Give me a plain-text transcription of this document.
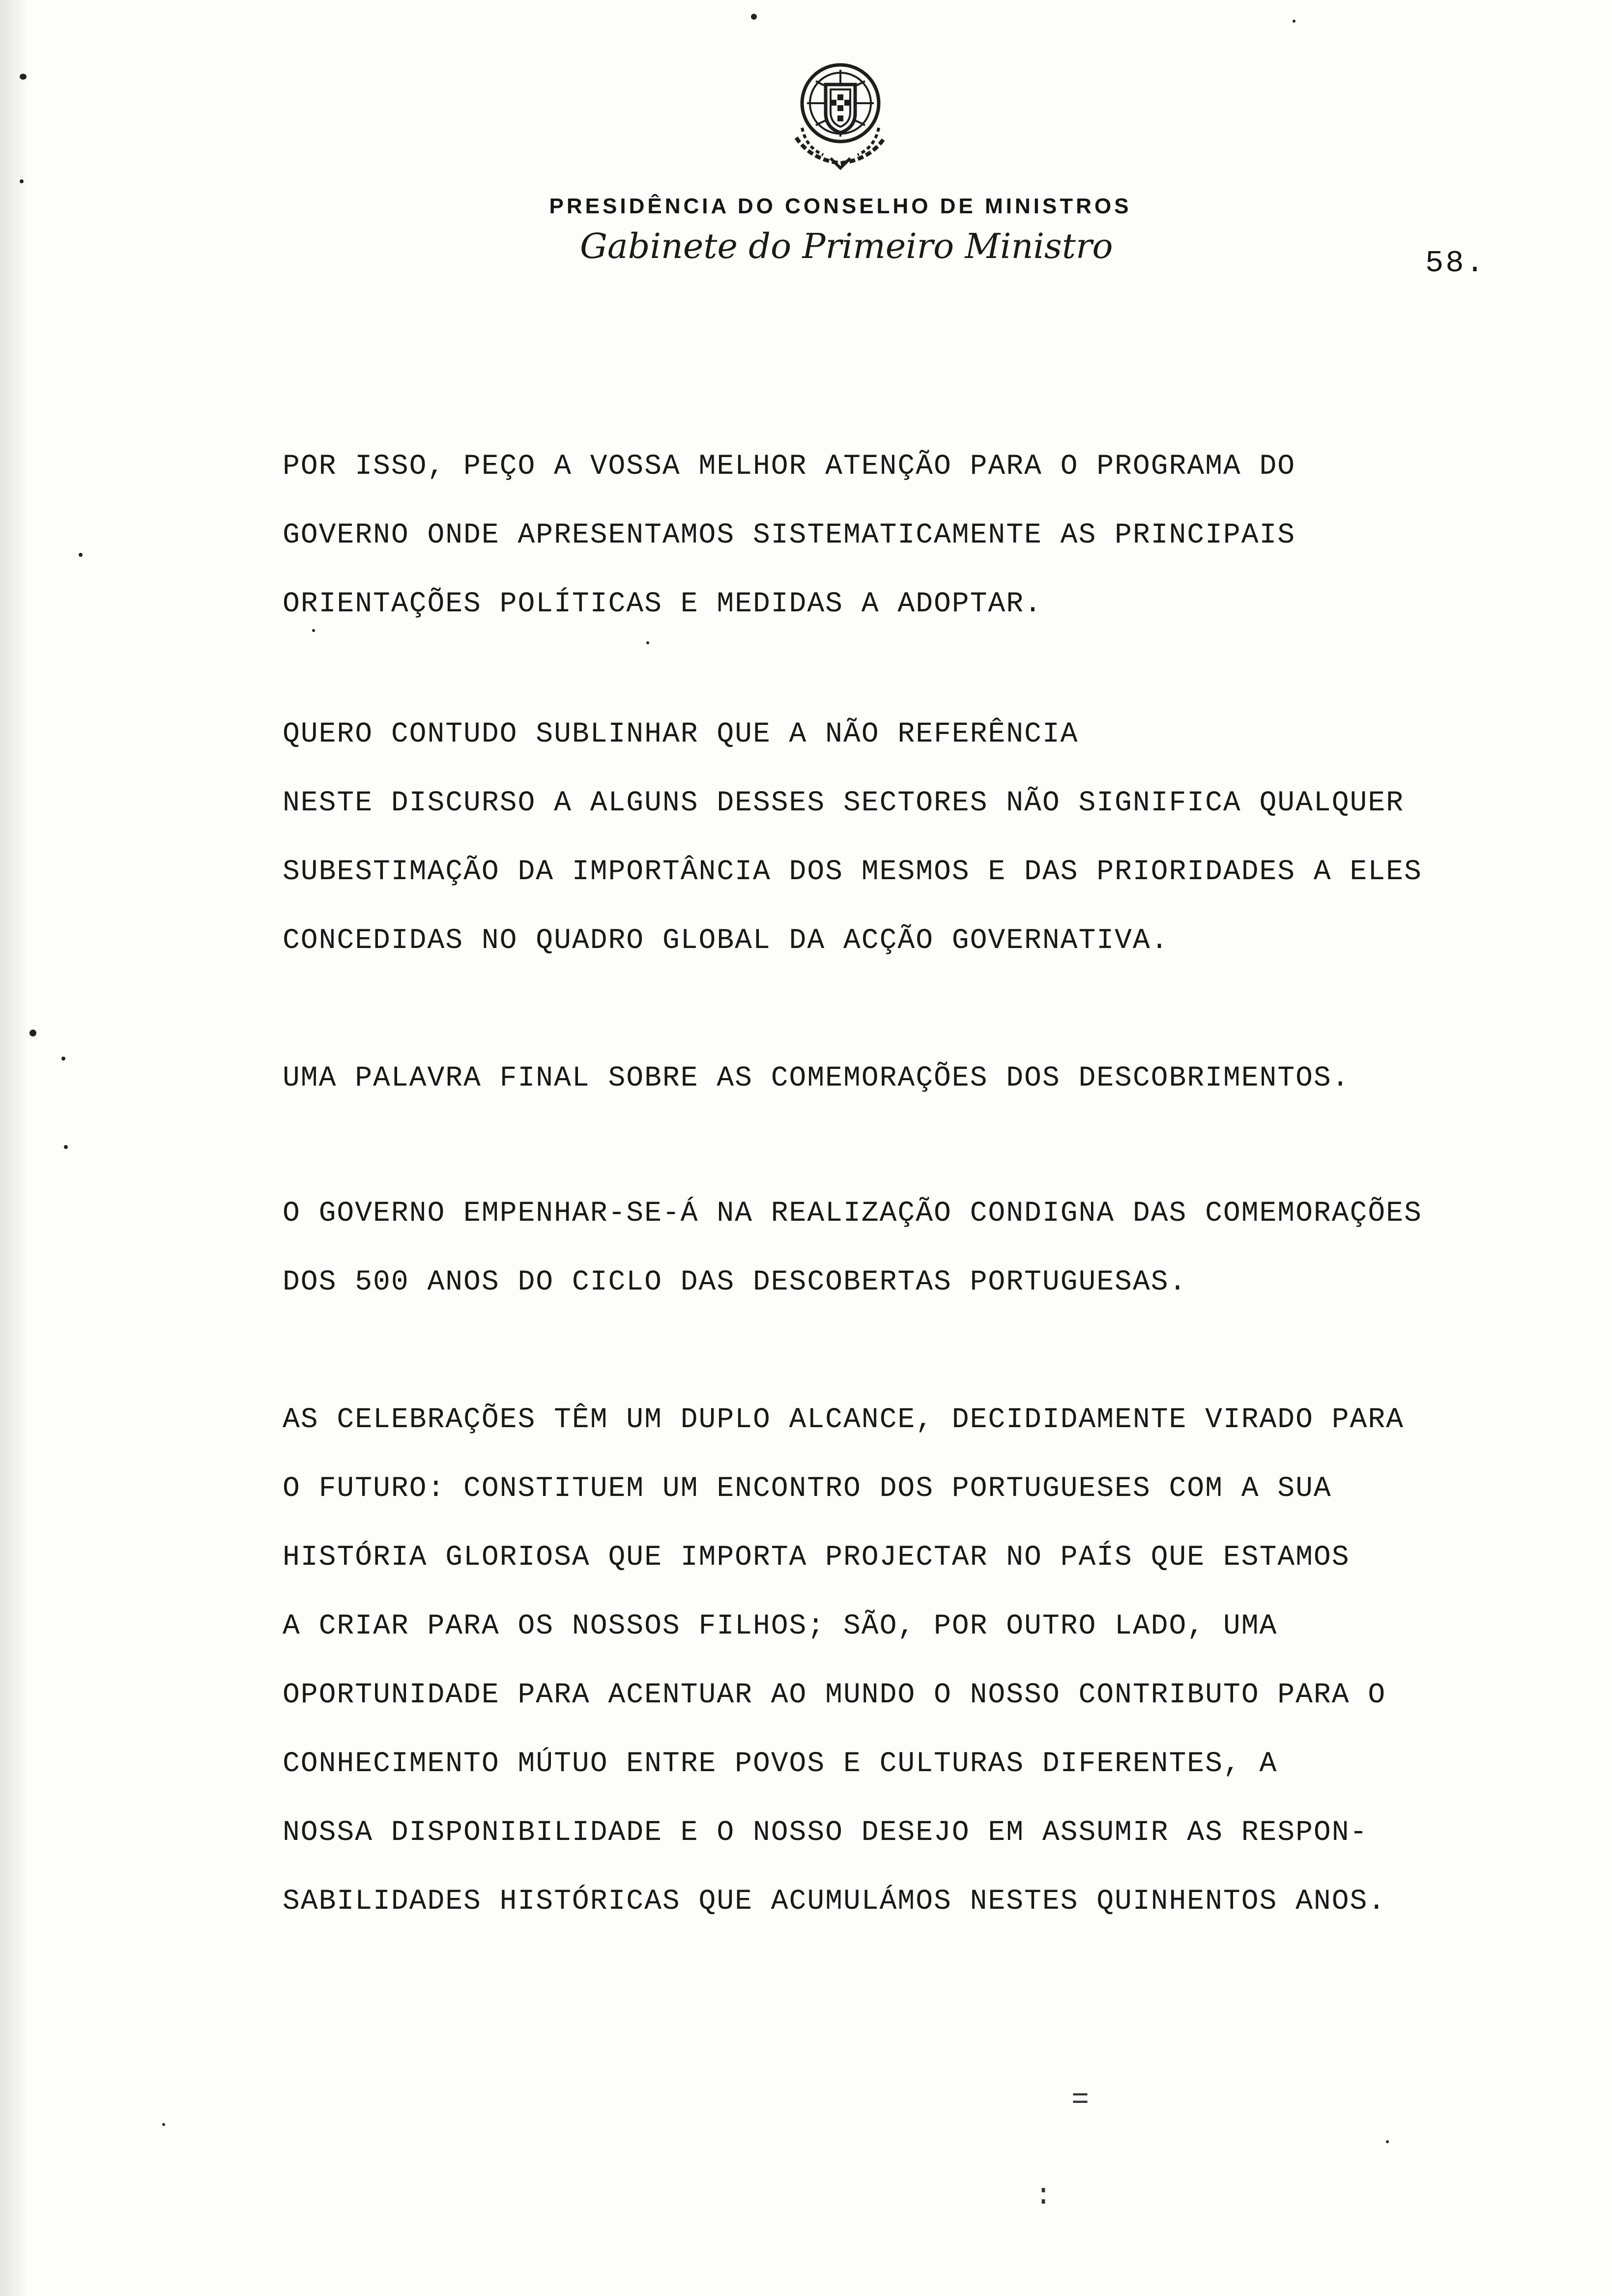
PRESIDÊNCIA DO CONSELHO DE MINISTROS
Gabinete do Primeiro Ministro	58.
POR ISSO, PEÇO A VOSSA MELHOR ATENÇÃO PARA O PROGRAMA DO
GOVERNO ONDE APRESENTAMOS SISTEMATICAMENTE AS PRINCIPAIS
ORIENTAÇÕES POLÍTICAS E MEDIDAS A ADOPTAR.
QUERO CONTUDO SUBLINHAR QUE A NÃO REFERÊNCIA
NESTE DISCURSO A ALGUNS DESSES SECTORES NÃO SIGNIFICA QUALQUER
SUBESTIMAÇÃO DA IMPORTÂNCIA DOS MESMOS E DAS PRIORIDADES A ELES
CONCEDIDAS NO QUADRO GLOBAL DA ACÇÃO GOVERNATIVA.
UMA PALAVRA FINAL SOBRE AS COMEMORAÇÕES DOS DESCOBRIMENTOS.
O GOVERNO EMPENHAR-SE-Á NA REALIZAÇÃO CONDIGNA DAS COMEMORAÇÕES
DOS 500 ANOS DO CICLO DAS DESCOBERTAS PORTUGUESAS.
AS CELEBRAÇÕES TÊM UM DUPLO ALCANCE, DECIDIDAMENTE VIRADO PARA
O FUTURO: CONSTITUEM UM ENCONTRO DOS PORTUGUESES COM A SUA
HISTÓRIA GLORIOSA QUE IMPORTA PROJECTAR NO PAÍS QUE ESTAMOS
A CRIAR PARA OS NOSSOS FILHOS; SÃO, POR OUTRO LADO, UMA
OPORTUNIDADE PARA ACENTUAR AO MUNDO O NOSSO CONTRIBUTO PARA O
CONHECIMENTO MÚTUO ENTRE POVOS E CULTURAS DIFERENTES, A
NOSSA DISPONIBILIDADE E O NOSSO DESEJO EM ASSUMIR AS RESPON-
SABILIDADES HISTÓRICAS QUE ACUMULÁMOS NESTES QUINHENTOS ANOS.
=
:
